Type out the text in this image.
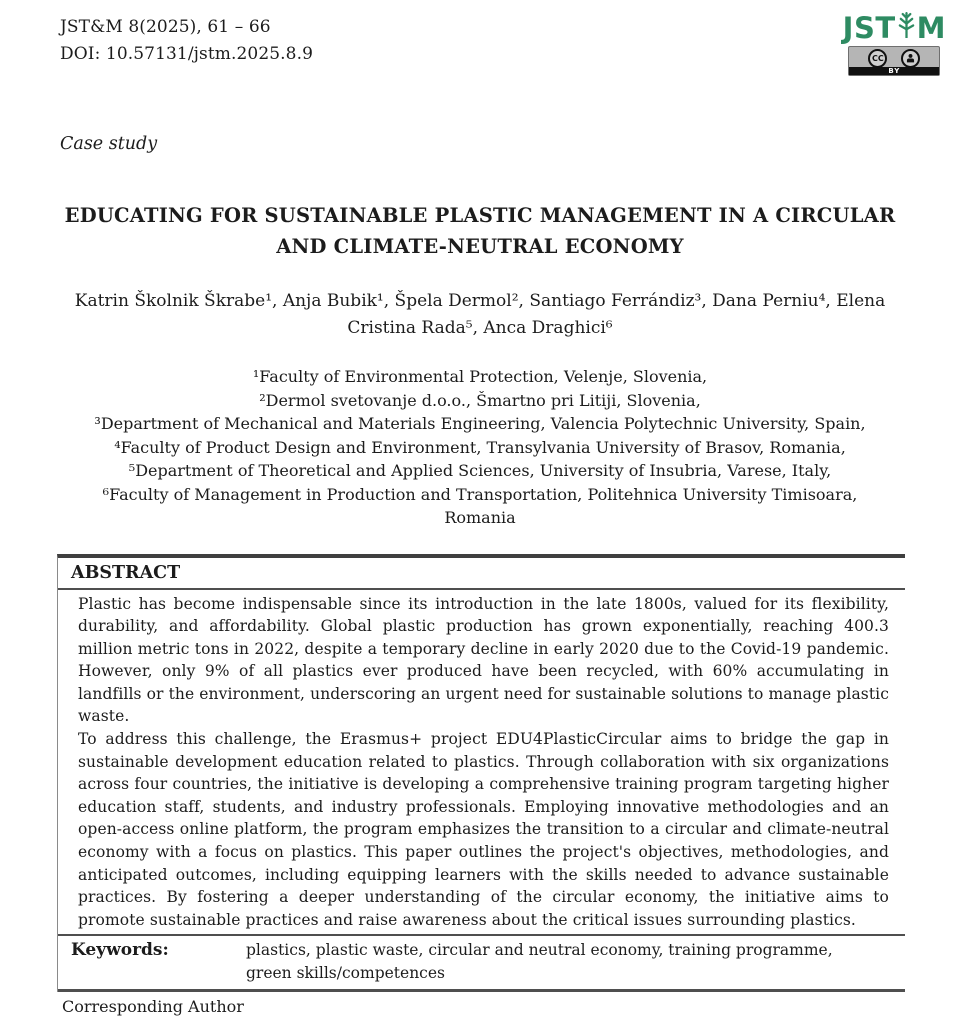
JST&M 8(2025), 61 – 66
DOI: 10.57131/jstm.2025.8.9
JST M
CC
BY
Case study
EDUCATING FOR SUSTAINABLE PLASTIC MANAGEMENT IN A CIRCULAR AND CLIMATE-NEUTRAL ECONOMY
Katrin Školnik Škrabe¹, Anja Bubik¹, Špela Dermol², Santiago Ferrándiz³, Dana Perniu⁴, Elena Cristina Rada⁵, Anca Draghici⁶
¹Faculty of Environmental Protection, Velenje, Slovenia,
²Dermol svetovanje d.o.o., Šmartno pri Litiji, Slovenia,
³Department of Mechanical and Materials Engineering, Valencia Polytechnic University, Spain,
⁴Faculty of Product Design and Environment, Transylvania University of Brasov, Romania,
⁵Department of Theoretical and Applied Sciences, University of Insubria, Varese, Italy,
⁶Faculty of Management in Production and Transportation, Politehnica University Timisoara,
Romania
ABSTRACT

Plastic has become indispensable since its introduction in the late 1800s, valued for its flexibility, durability, and affordability. Global plastic production has grown exponentially, reaching 400.3 million metric tons in 2022, despite a temporary decline in early 2020 due to the Covid-19 pandemic. However, only 9% of all plastics ever produced have been recycled, with 60% accumulating in landfills or the environment, underscoring an urgent need for sustainable solutions to manage plastic waste.

To address this challenge, the Erasmus+ project EDU4PlasticCircular aims to bridge the gap in sustainable development education related to plastics. Through collaboration with six organizations across four countries, the initiative is developing a comprehensive training program targeting higher education staff, students, and industry professionals. Employing innovative methodologies and an open-access online platform, the program emphasizes the transition to a circular and climate-neutral economy with a focus on plastics. This paper outlines the project's objectives, methodologies, and anticipated outcomes, including equipping learners with the skills needed to advance sustainable practices. By fostering a deeper understanding of the circular economy, the initiative aims to promote sustainable practices and raise awareness about the critical issues surrounding plastics.

Keywords:	plastics, plastic waste, circular and neutral economy, training programme, green skills/competences
Corresponding Author
